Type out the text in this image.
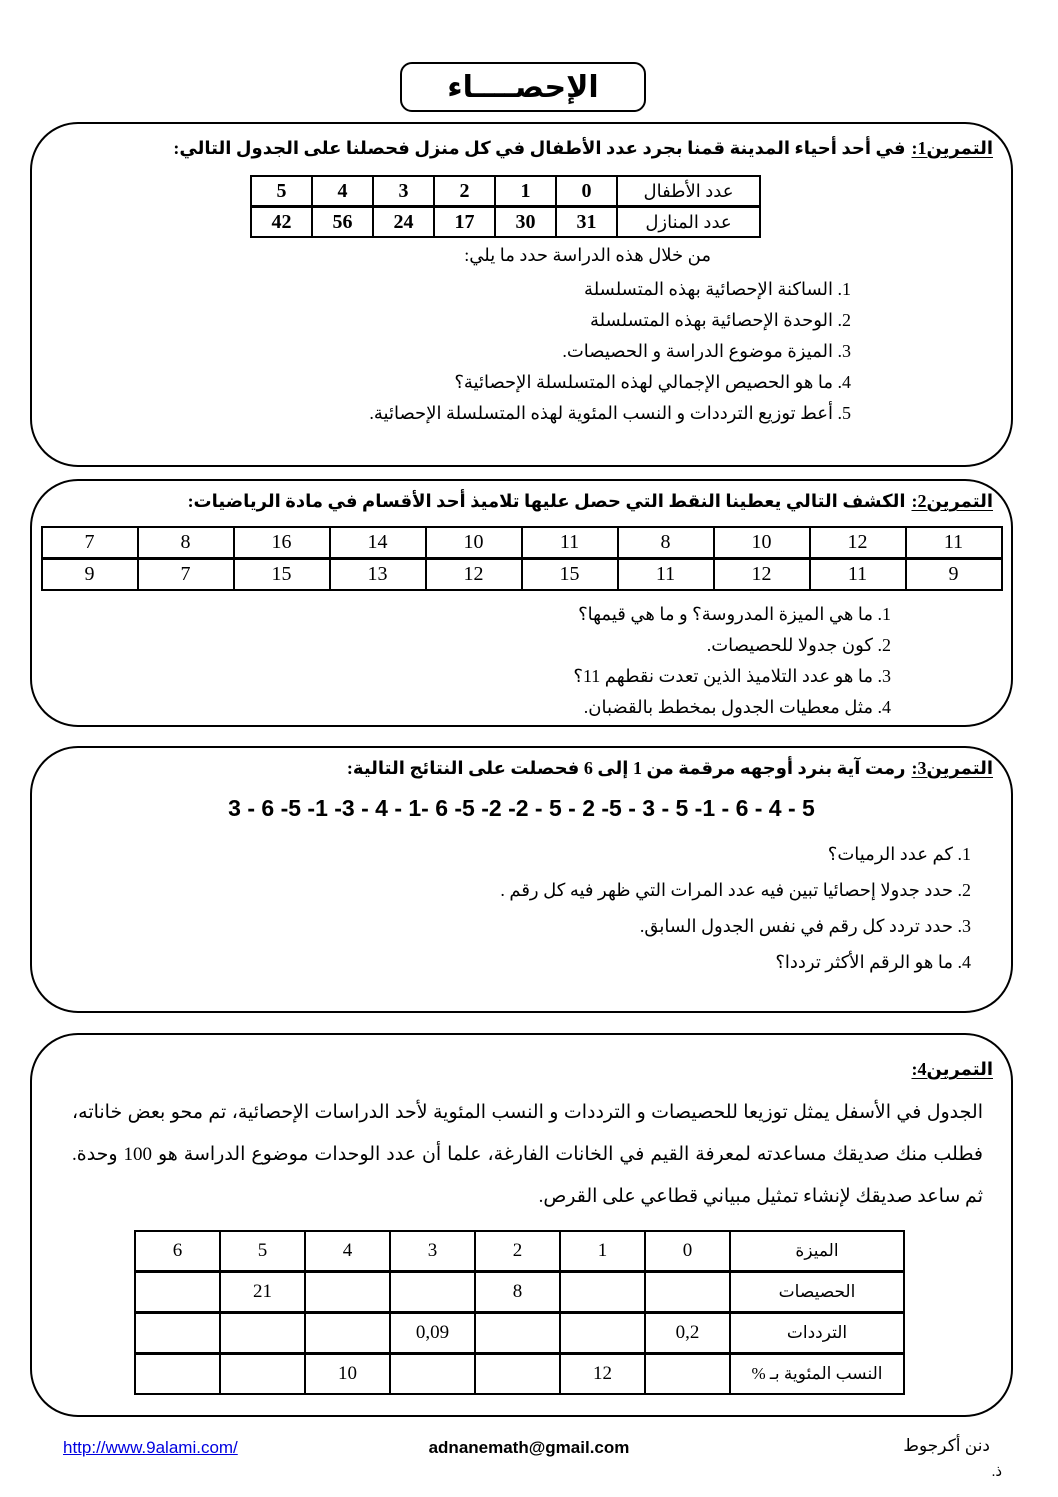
الإحصــــاء
التمرين1:في أحد أحياء المدينة قمنا بجرد عدد الأطفال في كل منزل فحصلنا على الجدول التالي:
عدد الأطفال	0	1	2	3	4	5
عدد المنازل	31	30	17	24	56	42
من خلال هذه الدراسة حدد ما يلي:
1. الساكنة الإحصائية بهذه المتسلسلة
2. الوحدة الإحصائية بهذه المتسلسلة
3. الميزة موضوع الدراسة و الحصيصات.
4. ما هو الحصيص الإجمالي لهذه المتسلسلة الإحصائية؟
5. أعط توزيع الترددات و النسب المئوية لهذه المتسلسلة الإحصائية.
التمرين2:الكشف التالي يعطينا النقط التي حصل عليها تلاميذ أحد الأقسام في مادة الرياضيات:
7	8	16	14	10	11	8	10	12	11
9	7	15	13	12	15	11	12	11	9
1. ما هي الميزة المدروسة؟ و ما هي قيمها؟
2. كون جدولا للحصيصات.
3. ما هو عدد التلاميذ الذين تعدت نقطهم 11؟
4. مثل معطيات الجدول بمخطط بالقضبان.
التمرين3:رمت آية بنرد أوجهه مرقمة من 1 إلى 6 فحصلت على النتائج التالية:
3 - 6 -5 -1 -3 - 4 - 1- 6 -5 -2 -2 - 5 - 2 -5 - 3 - 5 -1 - 6 - 4 - 5
1. كم عدد الرميات؟
2. حدد جدولا إحصائيا تبين فيه عدد المرات التي ظهر فيه كل رقم .
3. حدد تردد كل رقم في نفس الجدول السابق.
4. ما هو الرقم الأكثر ترددا؟
التمرين4:
الجدول في الأسفل يمثل توزيعا للحصيصات و الترددات و النسب المئوية لأحد الدراسات الإحصائية، تم محو بعض خاناته، فطلب منك صديقك مساعدته لمعرفة القيم في الخانات الفارغة، علما أن عدد الوحدات موضوع الدراسة هو 100 وحدة. ثم ساعد صديقك لإنشاء تمثيل مبياني قطاعي على القرص.
الميزة	0	1	2	3	4	5	6
الحصيصات			8			21	
الترددات	0,2			0,09			
النسب المئوية بـ %		12			10		
http://www.9alami.com/	adnanemath@gmail.com	دنن أكرجوط
ذ.
